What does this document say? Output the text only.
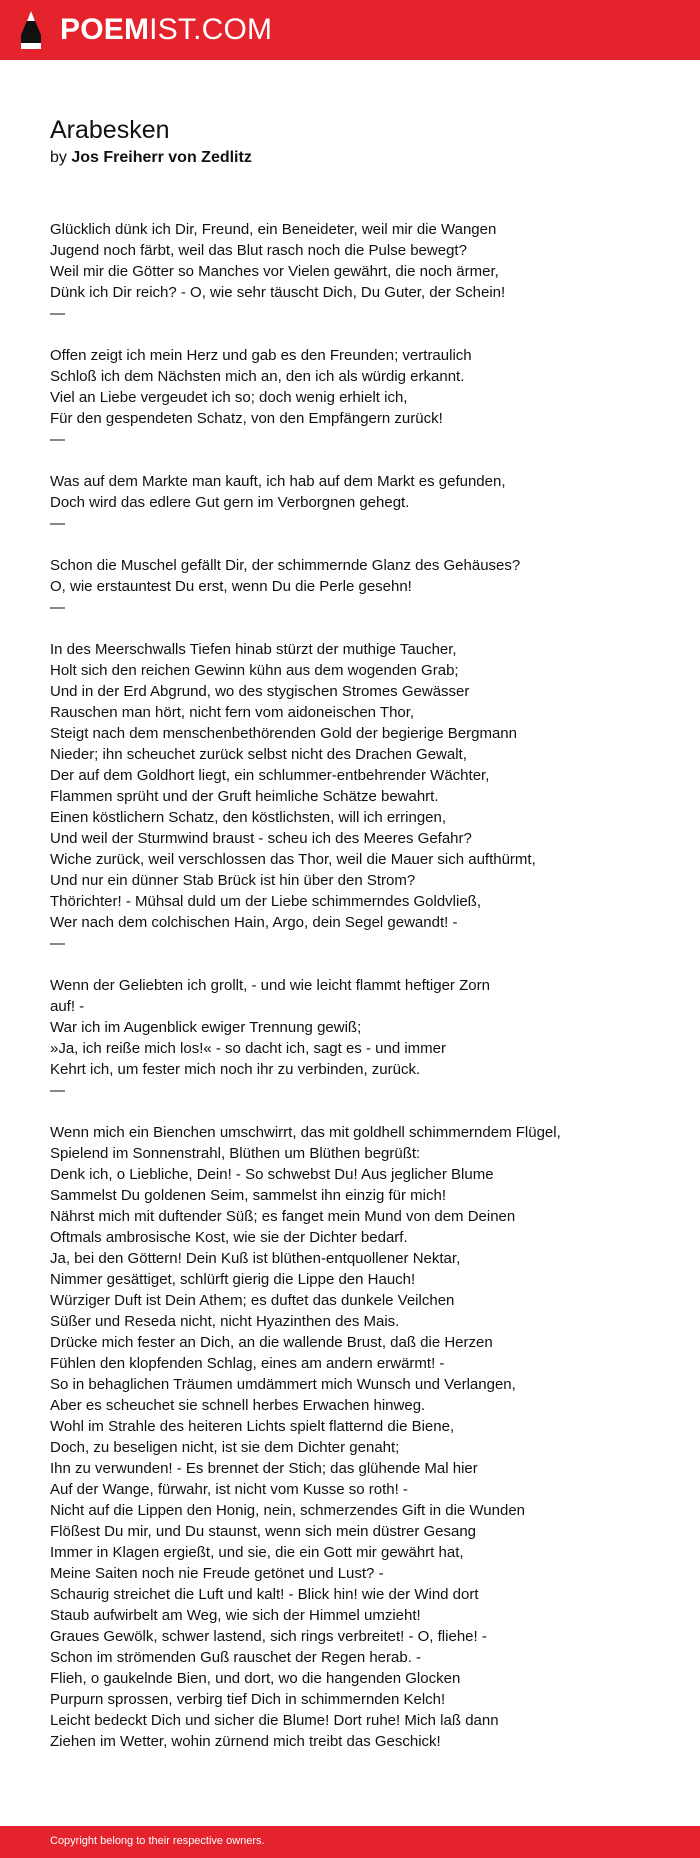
POEMIST.COM
Arabesken
by Jos Freiherr von Zedlitz
Glücklich dünk ich Dir, Freund, ein Beneideter, weil mir die Wangen
Jugend noch färbt, weil das Blut rasch noch die Pulse bewegt?
Weil mir die Götter so Manches vor Vielen gewährt, die noch ärmer,
Dünk ich Dir reich? - O, wie sehr täuscht Dich, Du Guter, der Schein!
—
Offen zeigt ich mein Herz und gab es den Freunden; vertraulich
Schloß ich dem Nächsten mich an, den ich als würdig erkannt.
Viel an Liebe vergeudet ich so; doch wenig erhielt ich,
Für den gespendeten Schatz, von den Empfängern zurück!
—
Was auf dem Markte man kauft, ich hab auf dem Markt es gefunden,
Doch wird das edlere Gut gern im Verborgnen gehegt.
—
Schon die Muschel gefällt Dir, der schimmernde Glanz des Gehäuses?
O, wie erstauntest Du erst, wenn Du die Perle gesehn!
—
In des Meerschwalls Tiefen hinab stürzt der muthige Taucher,
Holt sich den reichen Gewinn kühn aus dem wogenden Grab;
Und in der Erd Abgrund, wo des stygischen Stromes Gewässer
Rauschen man hört, nicht fern vom aidoneischen Thor,
Steigt nach dem menschenbethörenden Gold der begierige Bergmann
Nieder; ihn scheuchet zurück selbst nicht des Drachen Gewalt,
Der auf dem Goldhort liegt, ein schlummer-entbehrender Wächter,
Flammen sprüht und der Gruft heimliche Schätze bewahrt.
Einen köstlichern Schatz, den köstlichsten, will ich erringen,
Und weil der Sturmwind braust - scheu ich des Meeres Gefahr?
Wiche zurück, weil verschlossen das Thor, weil die Mauer sich aufthürmt,
Und nur ein dünner Stab Brück ist hin über den Strom?
Thörichter! - Mühsal duld um der Liebe schimmerndes Goldvließ,
Wer nach dem colchischen Hain, Argo, dein Segel gewandt! -
—
Wenn der Geliebten ich grollt, - und wie leicht flammt heftiger Zorn
auf! -
War ich im Augenblick ewiger Trennung gewiß;
»Ja, ich reiße mich los!« - so dacht ich, sagt es - und immer
Kehrt ich, um fester mich noch ihr zu verbinden, zurück.
—
Wenn mich ein Bienchen umschwirrt, das mit goldhell schimmerndem Flügel,
Spielend im Sonnenstrahl, Blüthen um Blüthen begrüßt:
Denk ich, o Liebliche, Dein! - So schwebst Du! Aus jeglicher Blume
Sammelst Du goldenen Seim, sammelst ihn einzig für mich!
Nährst mich mit duftender Süß; es fanget mein Mund von dem Deinen
Oftmals ambrosische Kost, wie sie der Dichter bedarf.
Ja, bei den Göttern! Dein Kuß ist blüthen-entquollener Nektar,
Nimmer gesättiget, schlürft gierig die Lippe den Hauch!
Würziger Duft ist Dein Athem; es duftet das dunkele Veilchen
Süßer und Reseda nicht, nicht Hyazinthen des Mais.
Drücke mich fester an Dich, an die wallende Brust, daß die Herzen
Fühlen den klopfenden Schlag, eines am andern erwärmt! -
So in behaglichen Träumen umdämmert mich Wunsch und Verlangen,
Aber es scheuchet sie schnell herbes Erwachen hinweg.
Wohl im Strahle des heiteren Lichts spielt flatternd die Biene,
Doch, zu beseligen nicht, ist sie dem Dichter genaht;
Ihn zu verwunden! - Es brennet der Stich; das glühende Mal hier
Auf der Wange, fürwahr, ist nicht vom Kusse so roth! -
Nicht auf die Lippen den Honig, nein, schmerzendes Gift in die Wunden
Flößest Du mir, und Du staunst, wenn sich mein düstrer Gesang
Immer in Klagen ergießt, und sie, die ein Gott mir gewährt hat,
Meine Saiten noch nie Freude getönet und Lust? -
Schaurig streichet die Luft und kalt! - Blick hin! wie der Wind dort
Staub aufwirbelt am Weg, wie sich der Himmel umzieht!
Graues Gewölk, schwer lastend, sich rings verbreitet! - O, fliehe! -
Schon im strömenden Guß rauschet der Regen herab. -
Flieh, o gaukelnde Bien, und dort, wo die hangenden Glocken
Purpurn sprossen, verbirg tief Dich in schimmernden Kelch!
Leicht bedeckt Dich und sicher die Blume! Dort ruhe! Mich laß dann
Ziehen im Wetter, wohin zürnend mich treibt das Geschick!
Copyright belong to their respective owners.
